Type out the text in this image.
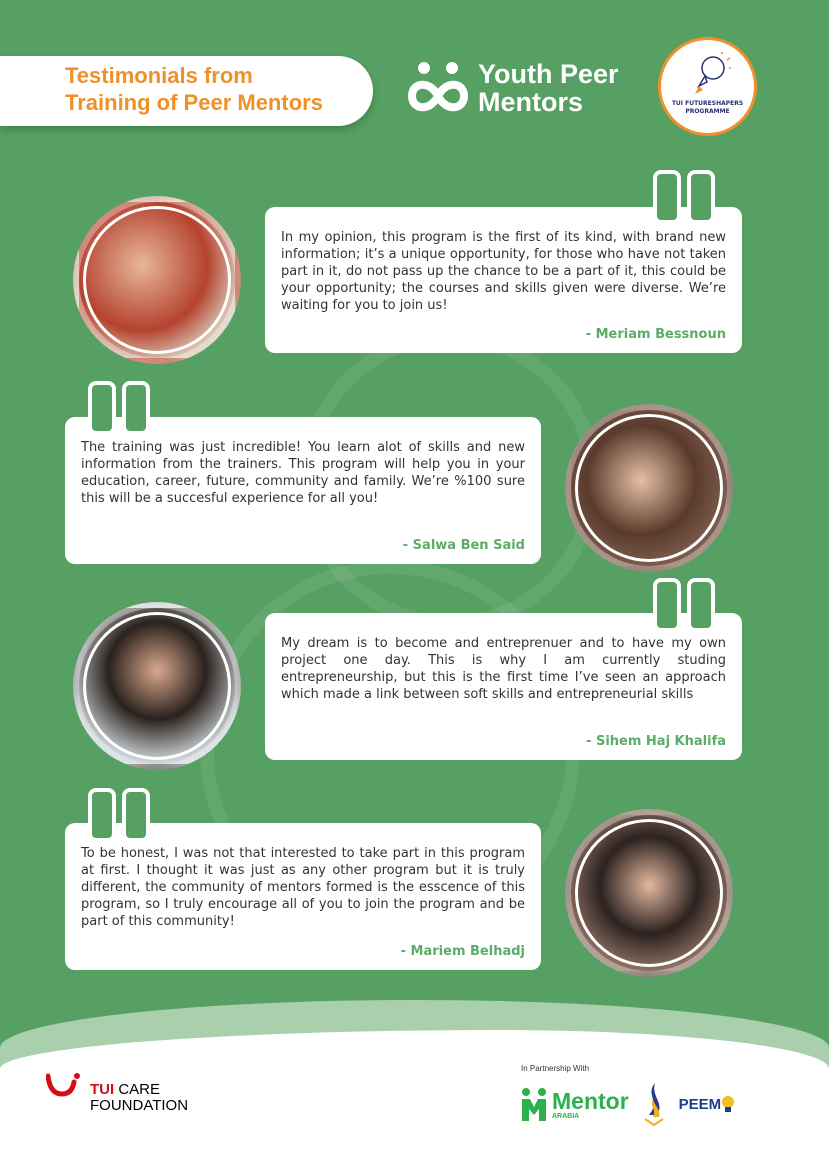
Testimonials from
Training of Peer Mentors
Youth Peer
Mentors	TUI FUTURESHAPERS
PROGRAMME
In my opinion, this program is the first of its kind, with brand new information; it’s a unique opportunity, for those who have not taken part in it, do not pass up the chance to be a part of it, this could be your opportunity; the courses and skills given were diverse. We’re waiting for you to join us!
- Meriam Bessnoun
The training was just incredible! You learn alot of skills and new information from the trainers. This program will help you in your education, career, future, community and family. We’re %100 sure this will be a succesful experience for all you!
- Salwa Ben Said
My dream is to become and entreprenuer and to have my own project one day. This is why I am currently studing entrepreneurship, but this is the first time I’ve seen an approach which made a link between soft skills and entrepreneurial skills
- Sihem Haj Khalifa
To be honest, I was not that interested to take part in this program at first. I thought it was just as any other program but it is truly different, the community of mentors formed is the esscence of this program, so I truly encourage all of you to join the program and be part of this community!
- Mariem Belhadj
TUI CARE
FOUNDATION
In Partnership With
Mentor
ARABIA
PEEM
